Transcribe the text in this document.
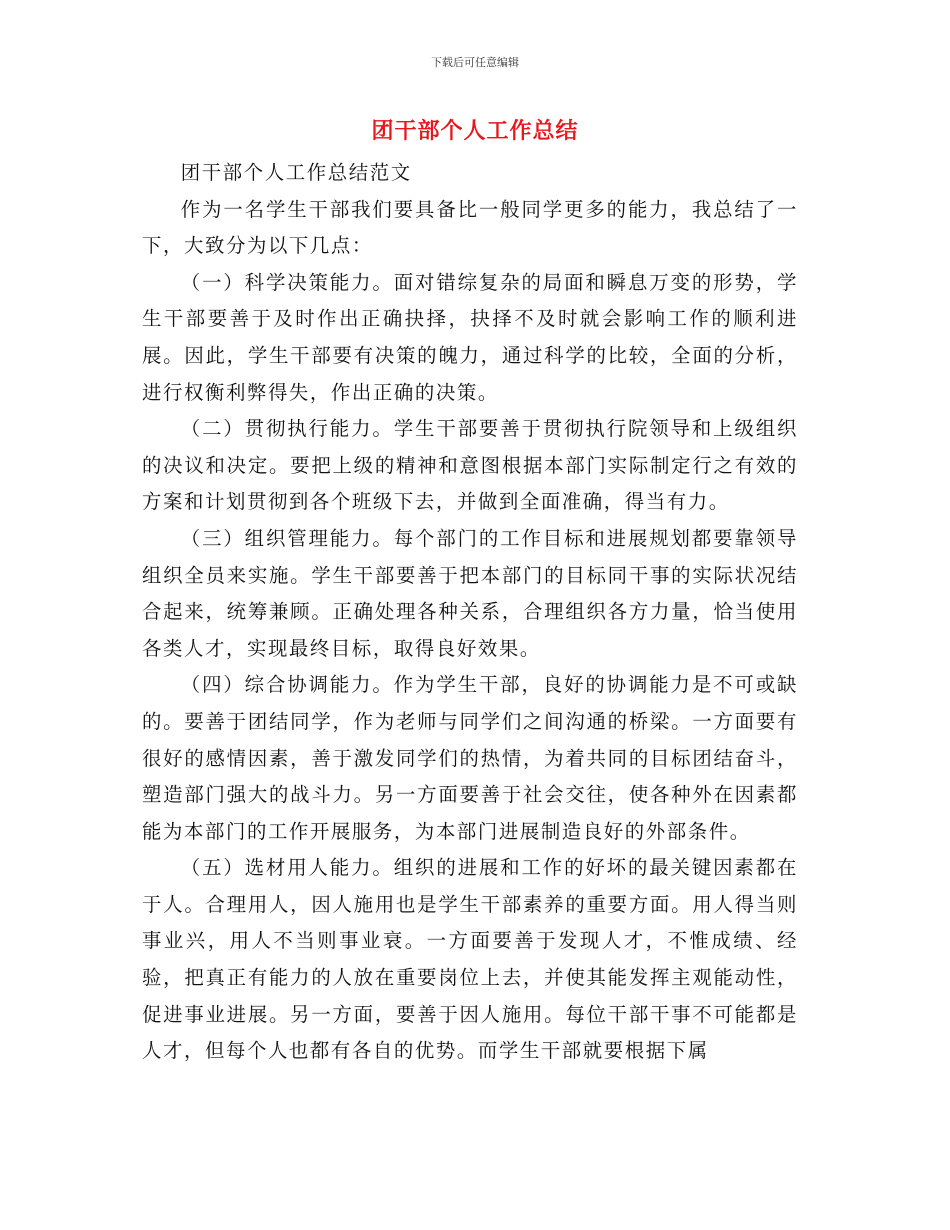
下载后可任意编辑
团干部个人工作总结

团干部个人工作总结范文

作为一名学生干部我们要具备比一般同学更多的能力，我总结了一下，大致分为以下几点：

（一）科学决策能力。面对错综复杂的局面和瞬息万变的形势，学生干部要善于及时作出正确抉择，抉择不及时就会影响工作的顺利进展。因此，学生干部要有决策的魄力，通过科学的比较，全面的分析，进行权衡利弊得失，作出正确的决策。

（二）贯彻执行能力。学生干部要善于贯彻执行院领导和上级组织的决议和决定。要把上级的精神和意图根据本部门实际制定行之有效的方案和计划贯彻到各个班级下去，并做到全面准确，得当有力。

（三）组织管理能力。每个部门的工作目标和进展规划都要靠领导组织全员来实施。学生干部要善于把本部门的目标同干事的实际状况结合起来，统筹兼顾。正确处理各种关系，合理组织各方力量，恰当使用各类人才，实现最终目标，取得良好效果。

（四）综合协调能力。作为学生干部，良好的协调能力是不可或缺的。要善于团结同学，作为老师与同学们之间沟通的桥梁。一方面要有很好的感情因素，善于激发同学们的热情，为着共同的目标团结奋斗，塑造部门强大的战斗力。另一方面要善于社会交往，使各种外在因素都能为本部门的工作开展服务，为本部门进展制造良好的外部条件。

（五）选材用人能力。组织的进展和工作的好坏的最关键因素都在于人。合理用人，因人施用也是学生干部素养的重要方面。用人得当则事业兴，用人不当则事业衰。一方面要善于发现人才，不惟成绩、经验，把真正有能力的人放在重要岗位上去，并使其能发挥主观能动性，促进事业进展。另一方面，要善于因人施用。每位干部干事不可能都是人才，但每个人也都有各自的优势。而学生干部就要根据下属
